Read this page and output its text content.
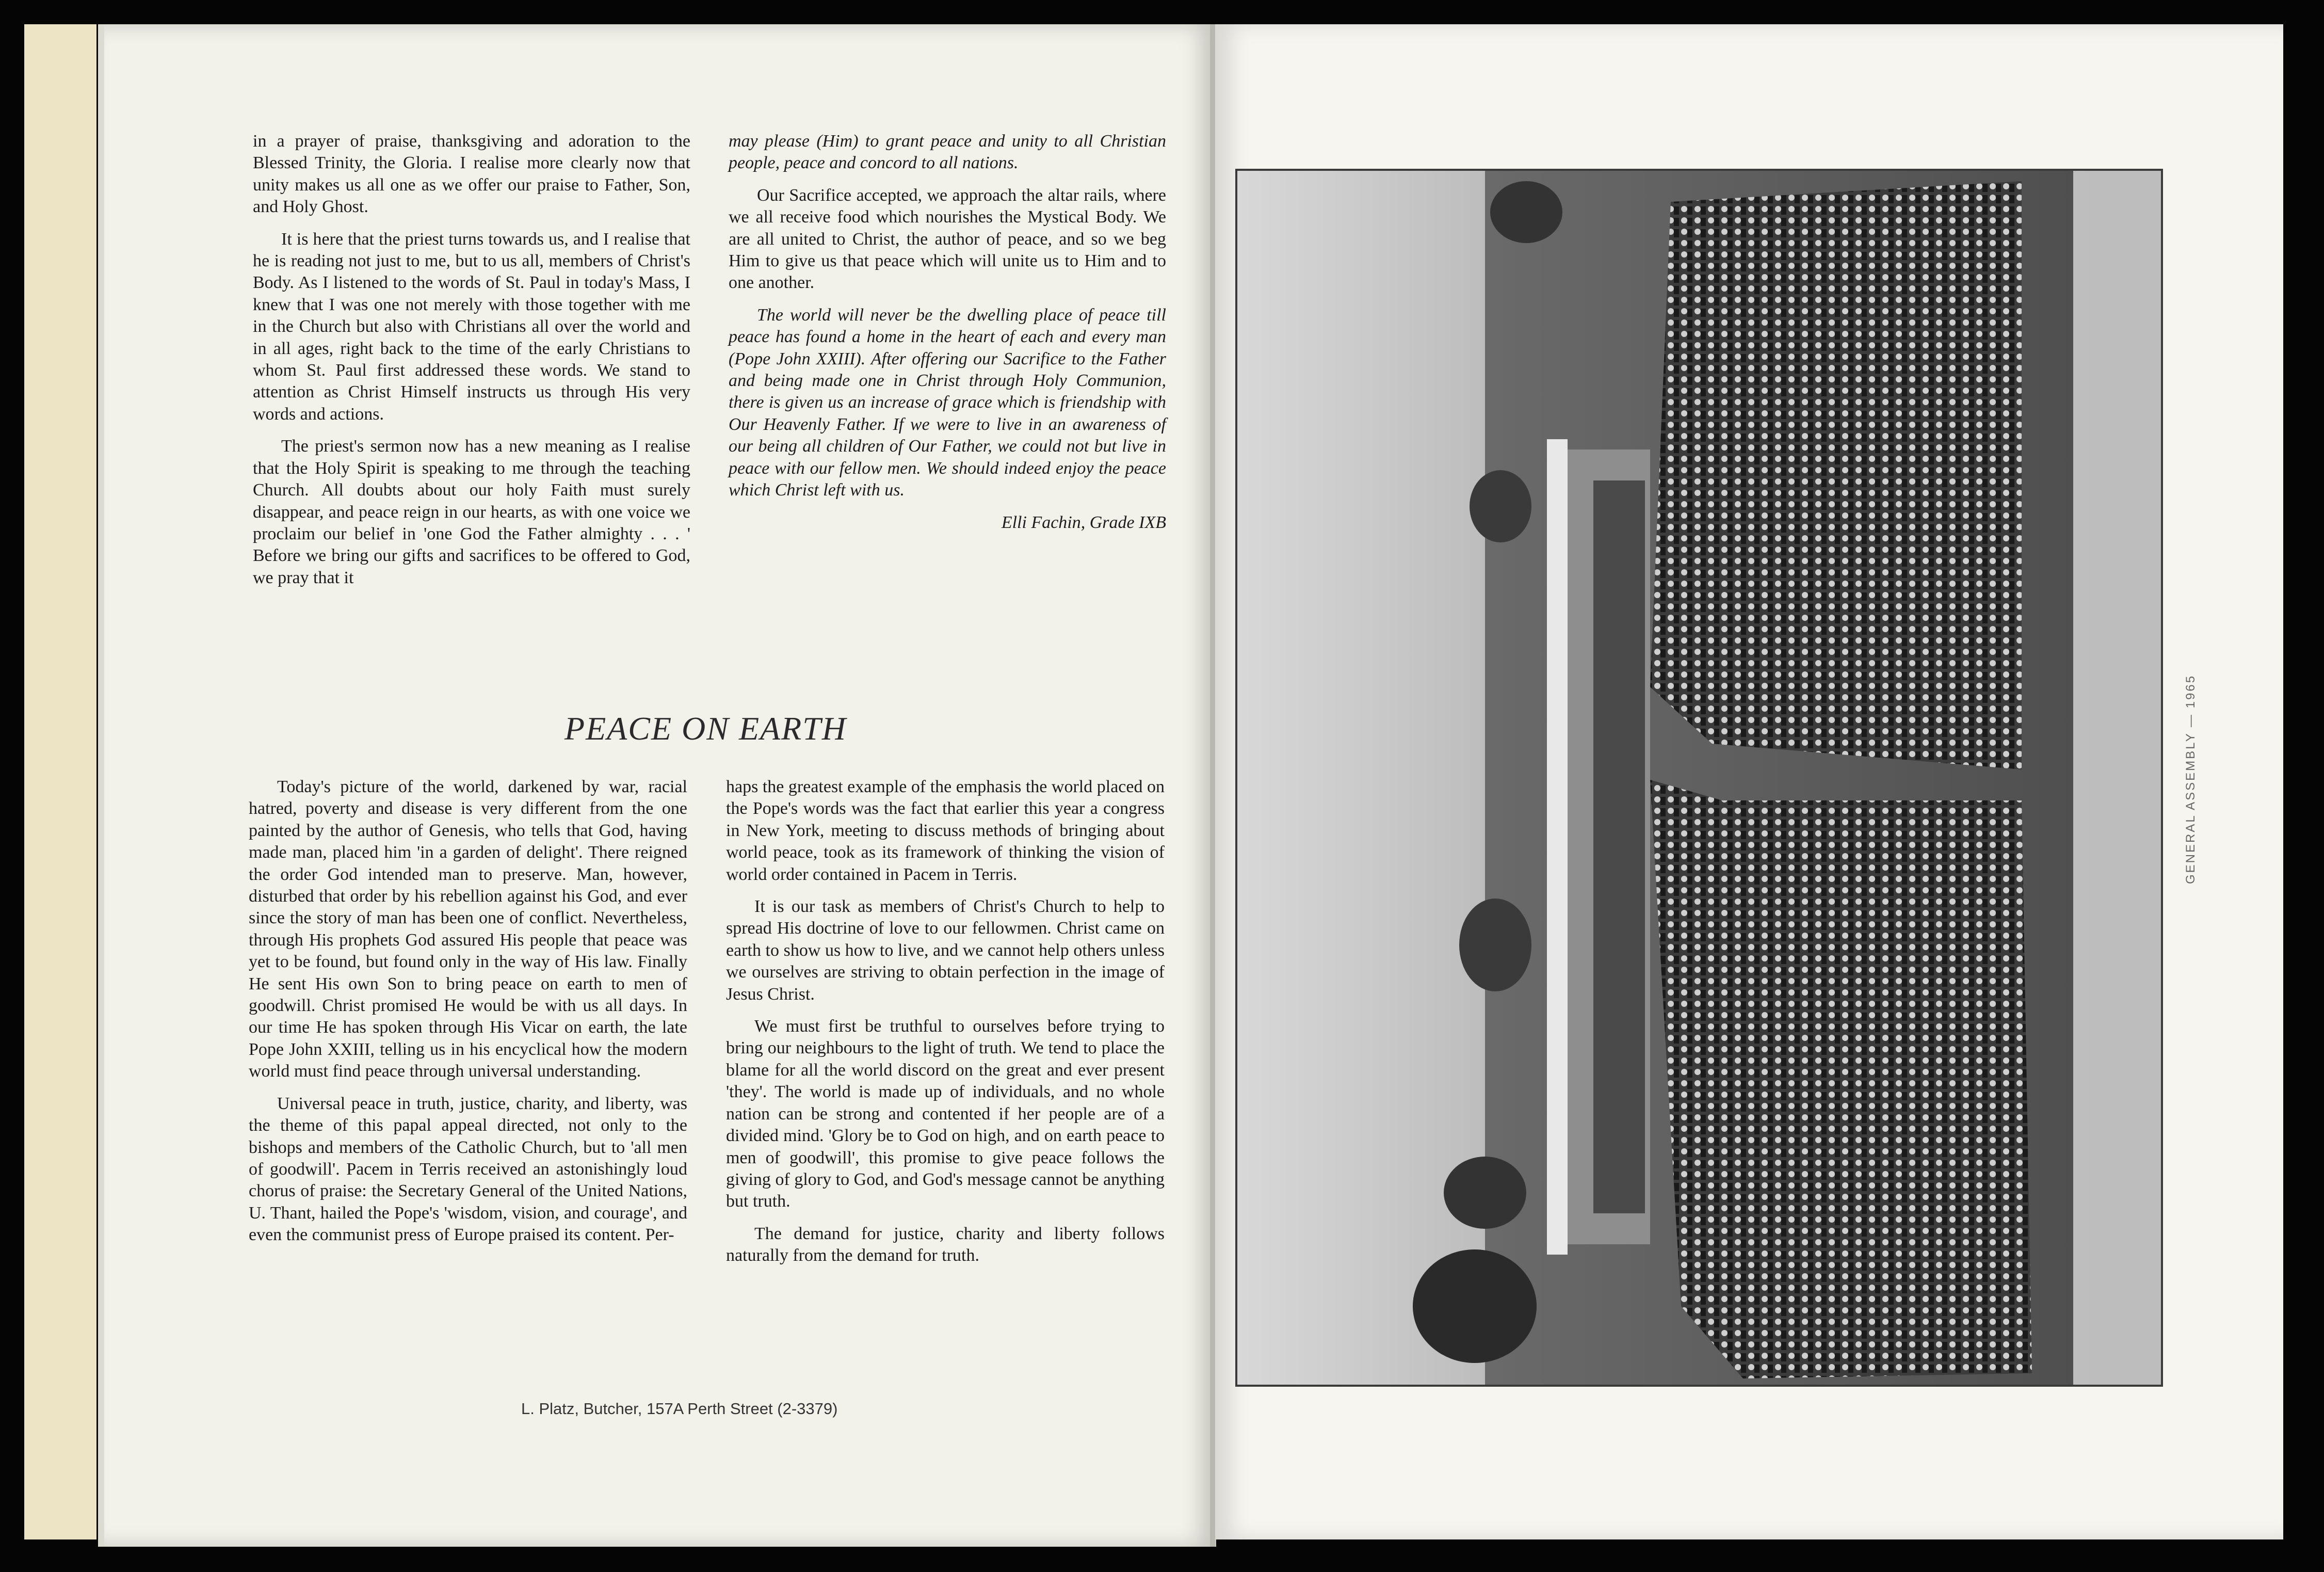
in a prayer of praise, thanksgiving and adoration to the Blessed Trinity, the Gloria. I realise more clearly now that unity makes us all one as we offer our praise to Father, Son, and Holy Ghost.

It is here that the priest turns towards us, and I realise that he is reading not just to me, but to us all, members of Christ's Body. As I listened to the words of St. Paul in today's Mass, I knew that I was one not merely with those together with me in the Church but also with Christians all over the world and in all ages, right back to the time of the early Christians to whom St. Paul first addressed these words. We stand to attention as Christ Himself instructs us through His very words and actions.

The priest's sermon now has a new meaning as I realise that the Holy Spirit is speaking to me through the teaching Church. All doubts about our holy Faith must surely disappear, and peace reign in our hearts, as with one voice we proclaim our belief in 'one God the Father almighty . . . ' Before we bring our gifts and sacrifices to be offered to God, we pray that it

may please (Him) to grant peace and unity to all Christian people, peace and concord to all nations.

Our Sacrifice accepted, we approach the altar rails, where we all receive food which nourishes the Mystical Body. We are all united to Christ, the author of peace, and so we beg Him to give us that peace which will unite us to Him and to one another.

The world will never be the dwelling place of peace till peace has found a home in the heart of each and every man (Pope John XXIII). After offering our Sacrifice to the Father and being made one in Christ through Holy Communion, there is given us an increase of grace which is friendship with Our Heavenly Father. If we were to live in an awareness of our being all children of Our Father, we could not but live in peace with our fellow men. We should indeed enjoy the peace which Christ left with us.

Elli Fachin, Grade IXB

PEACE ON EARTH

Today's picture of the world, darkened by war, racial hatred, poverty and disease is very different from the one painted by the author of Genesis, who tells that God, having made man, placed him 'in a garden of delight'. There reigned the order God intended man to preserve. Man, however, disturbed that order by his rebellion against his God, and ever since the story of man has been one of conflict. Nevertheless, through His prophets God assured His people that peace was yet to be found, but found only in the way of His law. Finally He sent His own Son to bring peace on earth to men of goodwill. Christ promised He would be with us all days. In our time He has spoken through His Vicar on earth, the late Pope John XXIII, telling us in his encyclical how the modern world must find peace through universal understanding.

Universal peace in truth, justice, charity, and liberty, was the theme of this papal appeal directed, not only to the bishops and members of the Catholic Church, but to 'all men of goodwill'. Pacem in Terris received an astonishingly loud chorus of praise: the Secretary General of the United Nations, U. Thant, hailed the Pope's 'wisdom, vision, and courage', and even the communist press of Europe praised its content. Per-

haps the greatest example of the emphasis the world placed on the Pope's words was the fact that earlier this year a congress in New York, meeting to discuss methods of bringing about world peace, took as its framework of thinking the vision of world order contained in Pacem in Terris.

It is our task as members of Christ's Church to help to spread His doctrine of love to our fellowmen. Christ came on earth to show us how to live, and we cannot help others unless we ourselves are striving to obtain perfection in the image of Jesus Christ.

We must first be truthful to ourselves before trying to bring our neighbours to the light of truth. We tend to place the blame for all the world discord on the great and ever present 'they'. The world is made up of individuals, and no whole nation can be strong and contented if her people are of a divided mind. 'Glory be to God on high, and on earth peace to men of goodwill', this promise to give peace follows the giving of glory to God, and God's message cannot be anything but truth.

The demand for justice, charity and liberty follows naturally from the demand for truth.

L. Platz, Butcher, 157A Perth Street (2-3379)
GENERAL ASSEMBLY — 1965
